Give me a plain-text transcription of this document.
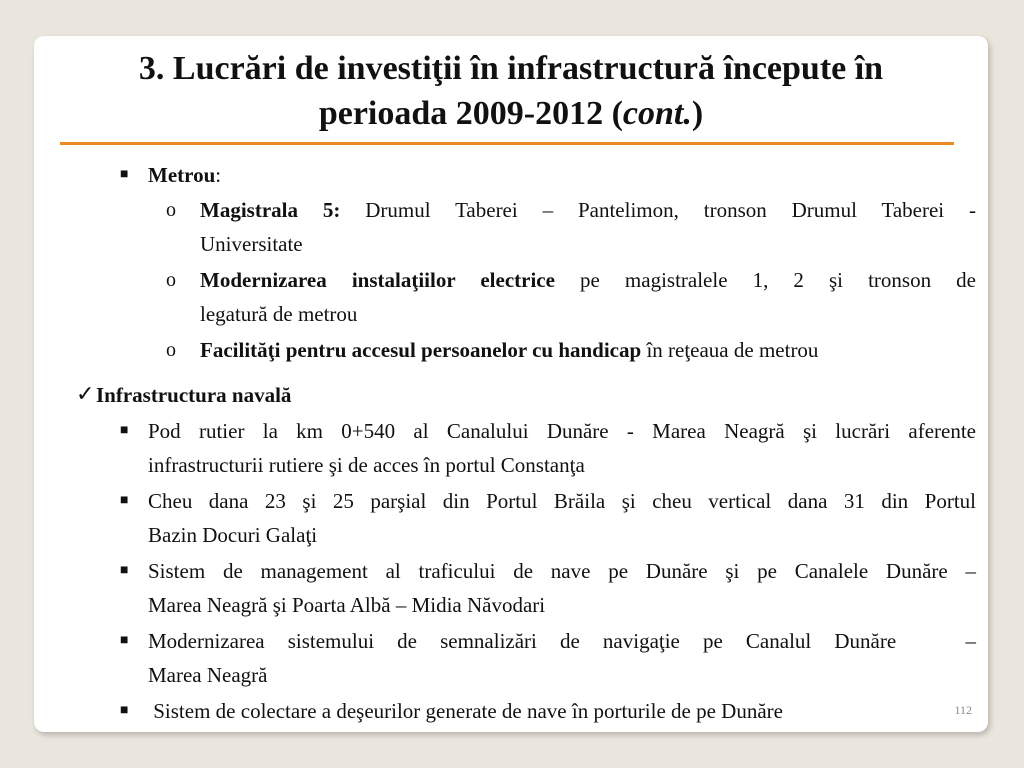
3. Lucrări de investiţii în infrastructură începute în
perioada 2009-2012 (cont.)
■ Metrou:
o Magistrala 5: Drumul Taberei – Pantelimon, tronson Drumul Taberei -
Universitate
o Modernizarea instalaţiilor electrice pe magistralele 1, 2 şi tronson de
legatură de metrou
o Facilităţi pentru accesul persoanelor cu handicap în reţeaua de metrou
✓ Infrastructura navală
■ Pod rutier la km 0+540 al Canalului Dunăre - Marea Neagră şi lucrări aferente
infrastructurii rutiere şi de acces în portul Constanţa
■ Cheu dana 23 şi 25 parşial din Portul Brăila şi cheu vertical dana 31 din Portul
Bazin Docuri Galaţi
■ Sistem de management al traficului de nave pe Dunăre şi pe Canalele Dunăre –
Marea Neagră şi Poarta Albă – Midia Năvodari
■ Modernizarea sistemului de semnalizări de navigaţie pe Canalul Dunăre   –
Marea Neagră
■ Sistem de colectare a deşeurilor generate de nave în porturile de pe Dunăre	112
